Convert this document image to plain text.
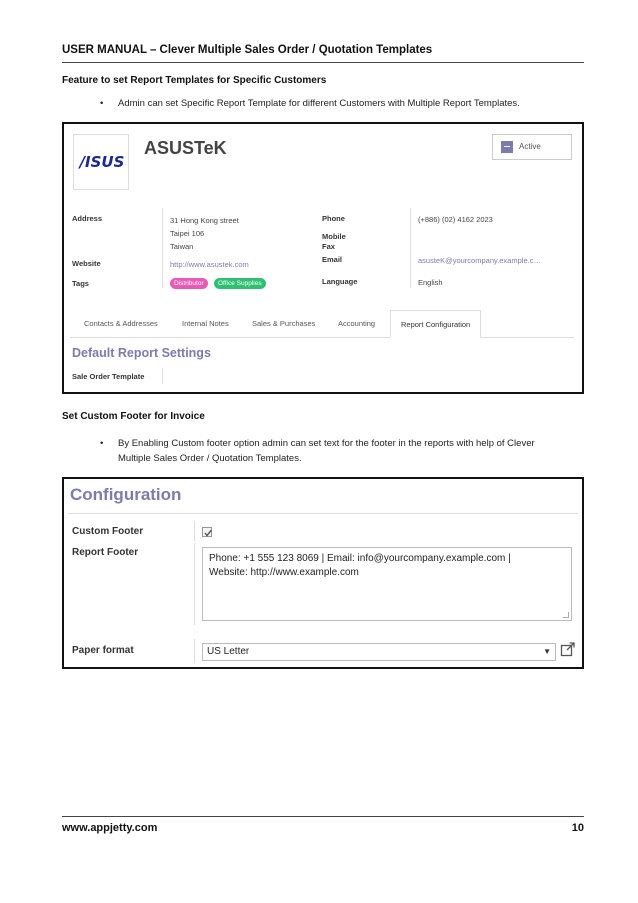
USER MANUAL – Clever Multiple Sales Order / Quotation Templates
Feature to set Report Templates for Specific Customers
• Admin can set Specific Report Template for different Customers with Multiple Report Templates.
/ISUS
ASUSTeK	Active
Address	31 Hong Kong street
Taipei 106
Taiwan
Website	http://www.asustek.com
Tags	Distributor	Office Supplies
Phone	(+886) (02) 4162 2023
Mobile
Fax
Email	asusteK@yourcompany.example.c…
Language	English
Contacts & Addresses	Internal Notes	Sales & Purchases	Accounting	Report Configuration
Default Report Settings
Sale Order Template
Set Custom Footer for Invoice
• By Enabling Custom footer option admin can set text for the footer in the reports with help of Clever
Multiple Sales Order / Quotation Templates.
Configuration
Custom Footer
Report Footer
Phone: +1 555 123 8069 | Email: info@yourcompany.example.com |
Website: http://www.example.com
Paper format	US Letter	▼
www.appjetty.com	10
